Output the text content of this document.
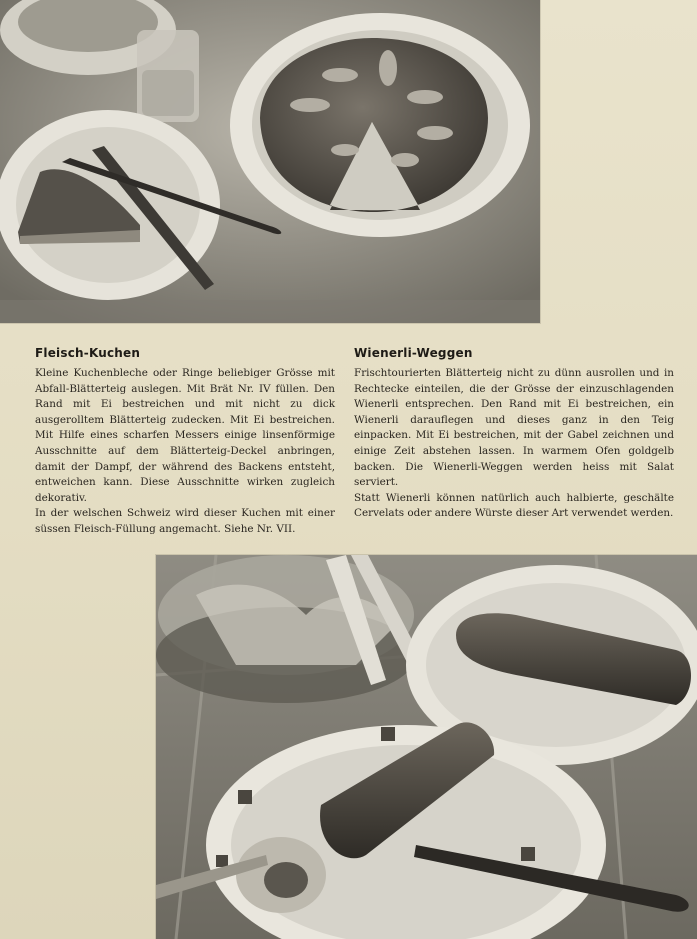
Fleisch-Kuchen

Kleine Kuchenbleche oder Ringe beliebiger Grösse mit Abfall-Blätterteig auslegen. Mit Brät Nr. IV füllen. Den Rand mit Ei bestreichen und mit nicht zu dick ausgerolltem Blätterteig zudecken. Mit Ei bestreichen. Mit Hilfe eines scharfen Messers einige linsenförmige Ausschnitte auf dem Blätterteig-Deckel anbringen, damit der Dampf, der während des Backens entsteht, entweichen kann. Diese Ausschnitte wirken zugleich dekorativ.

In der welschen Schweiz wird dieser Kuchen mit einer süssen Fleisch-Füllung angemacht. Siehe Nr. VII.

Wienerli-Weggen

Frischtourierten Blätterteig nicht zu dünn ausrollen und in Rechtecke einteilen, die der Grösse der einzuschlagenden Wienerli entsprechen. Den Rand mit Ei bestreichen, ein Wienerli darauflegen und dieses ganz in den Teig einpacken. Mit Ei bestreichen, mit der Gabel zeichnen und einige Zeit abstehen lassen. In warmem Ofen goldgelb backen. Die Wienerli-Weggen werden heiss mit Salat serviert.

Statt Wienerli können natürlich auch halbierte, geschälte Cervelats oder andere Würste dieser Art verwendet werden.
